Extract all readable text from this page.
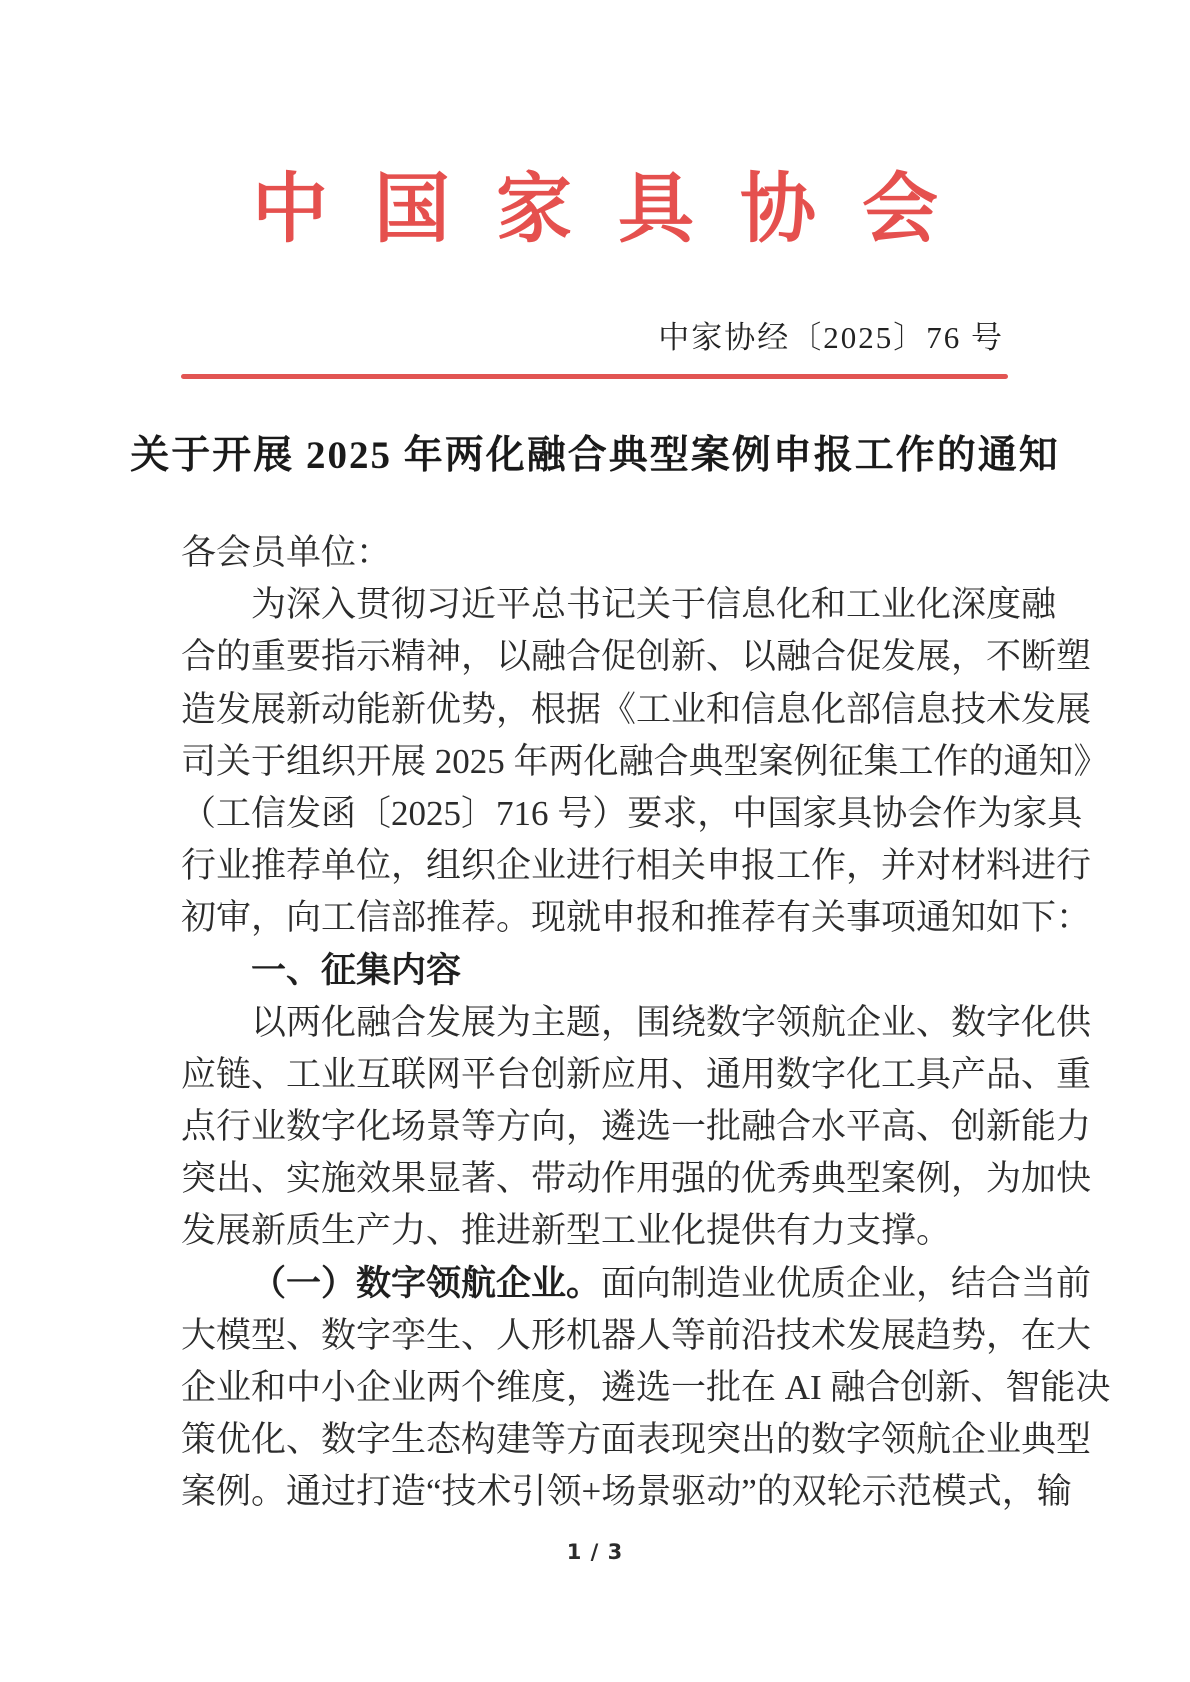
中国家具协会
中家协经〔2025〕76 号
关于开展 2025 年两化融合典型案例申报工作的通知
各会员单位：
为深入贯彻习近平总书记关于信息化和工业化深度融
合的重要指示精神，以融合促创新、以融合促发展，不断塑
造发展新动能新优势，根据《工业和信息化部信息技术发展
司关于组织开展 2025 年两化融合典型案例征集工作的通知》
（工信发函〔2025〕716 号）要求，中国家具协会作为家具
行业推荐单位，组织企业进行相关申报工作，并对材料进行
初审，向工信部推荐。现就申报和推荐有关事项通知如下：
一、征集内容
以两化融合发展为主题，围绕数字领航企业、数字化供
应链、工业互联网平台创新应用、通用数字化工具产品、重
点行业数字化场景等方向，遴选一批融合水平高、创新能力
突出、实施效果显著、带动作用强的优秀典型案例，为加快
发展新质生产力、推进新型工业化提供有力支撑。
（一）数字领航企业。面向制造业优质企业，结合当前
大模型、数字孪生、人形机器人等前沿技术发展趋势，在大
企业和中小企业两个维度，遴选一批在 AI 融合创新、智能决
策优化、数字生态构建等方面表现突出的数字领航企业典型
案例。通过打造“技术引领+场景驱动”的双轮示范模式，输
1 / 3
